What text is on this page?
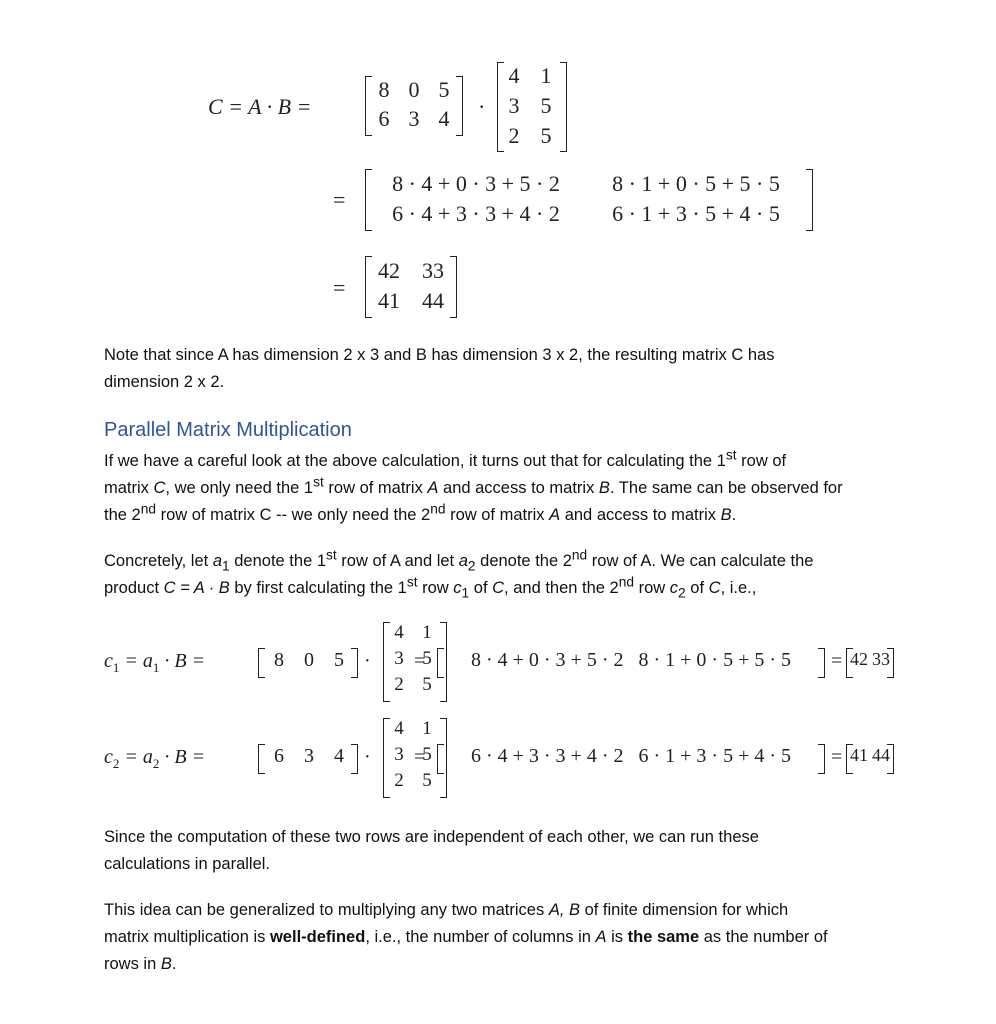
C = A · B =
8 0 5
6 3 4 ·
4 1
3 5
2 5
=
8 · 4 + 0 · 3 + 5 · 2	8 · 1 + 0 · 5 + 5 · 5
6 · 4 + 3 · 3 + 4 · 2	6 · 1 + 3 · 5 + 4 · 5
=
42	33
41	44
Note that since A has dimension 2 x 3 and B has dimension 3 x 2, the resulting matrix C has
dimension 2 x 2.
Parallel Matrix Multiplication
If we have a careful look at the above calculation, it turns out that for calculating the 1st row of
matrix C, we only need the 1st row of matrix A and access to matrix B. The same can be observed for
the 2nd row of matrix C -- we only need the 2nd row of matrix A and access to matrix B.
Concretely, let $a_1$ denote the 1st row of A and let $a_2$ denote the 2nd row of A. We can calculate the
product C = A · B by first calculating the 1st row $c_1$ of C, and then the 2nd row $c_2$ of C, i.e.,
$c_1 = a_1 \cdot B$ =	8	0	5	·
4 1
3 5
2 5
=	8 · 4 + 0 · 3 + 5 · 2   8 · 1 + 0 · 5 + 5 · 5	= 42 33
$c_2 = a_2 \cdot B$ =	6	3	4	·
4 1
3 5
2 5
=	6 · 4 + 3 · 3 + 4 · 2   6 · 1 + 3 · 5 + 4 · 5	= 41 44
Since the computation of these two rows are independent of each other, we can run these
calculations in parallel.
This idea can be generalized to multiplying any two matrices A, B of finite dimension for which
matrix multiplication is well-defined, i.e., the number of columns in A is the same as the number of
rows in B.
